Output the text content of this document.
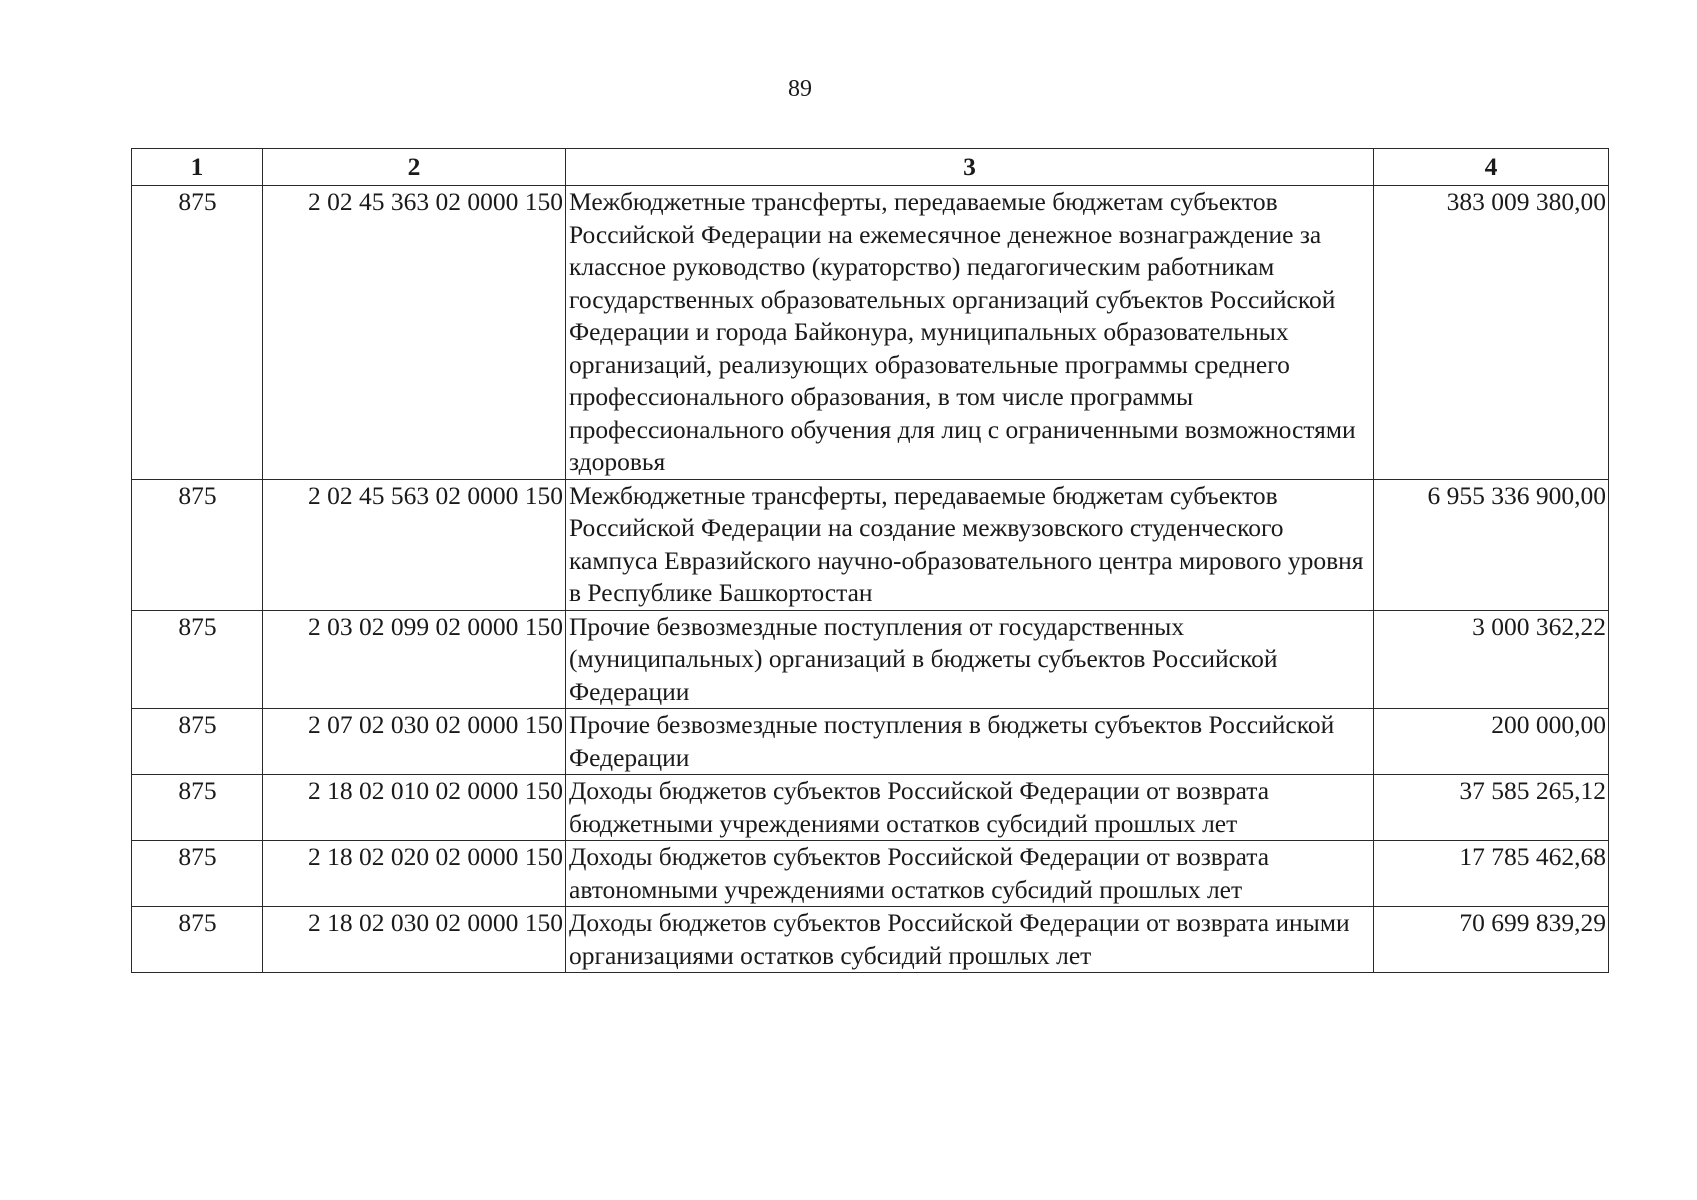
89
1	2	3	4
875	2 02 45 363 02 0000 150	Межбюджетные трансферты, передаваемые бюджетам субъектов Российской Федерации на ежемесячное денежное вознаграждение за классное руководство (кураторство) педагогическим работникам государственных образовательных организаций субъектов Российской Федерации и города Байконура, муниципальных образовательных организаций, реализующих образовательные программы среднего профессионального образования, в том числе программы профессионального обучения для лиц с ограниченными возможностями здоровья	383 009 380,00
875	2 02 45 563 02 0000 150	Межбюджетные трансферты, передаваемые бюджетам субъектов Российской Федерации на создание межвузовского студенческого кампуса Евразийского научно-образовательного центра мирового уровня в Республике Башкортостан	6 955 336 900,00
875	2 03 02 099 02 0000 150	Прочие безвозмездные поступления от государственных (муниципальных) организаций в бюджеты субъектов Российской Федерации	3 000 362,22
875	2 07 02 030 02 0000 150	Прочие безвозмездные поступления в бюджеты субъектов Российской Федерации	200 000,00
875	2 18 02 010 02 0000 150	Доходы бюджетов субъектов Российской Федерации от возврата бюджетными учреждениями остатков субсидий прошлых лет	37 585 265,12
875	2 18 02 020 02 0000 150	Доходы бюджетов субъектов Российской Федерации от возврата автономными учреждениями остатков субсидий прошлых лет	17 785 462,68
875	2 18 02 030 02 0000 150	Доходы бюджетов субъектов Российской Федерации от возврата иными организациями остатков субсидий прошлых лет	70 699 839,29
